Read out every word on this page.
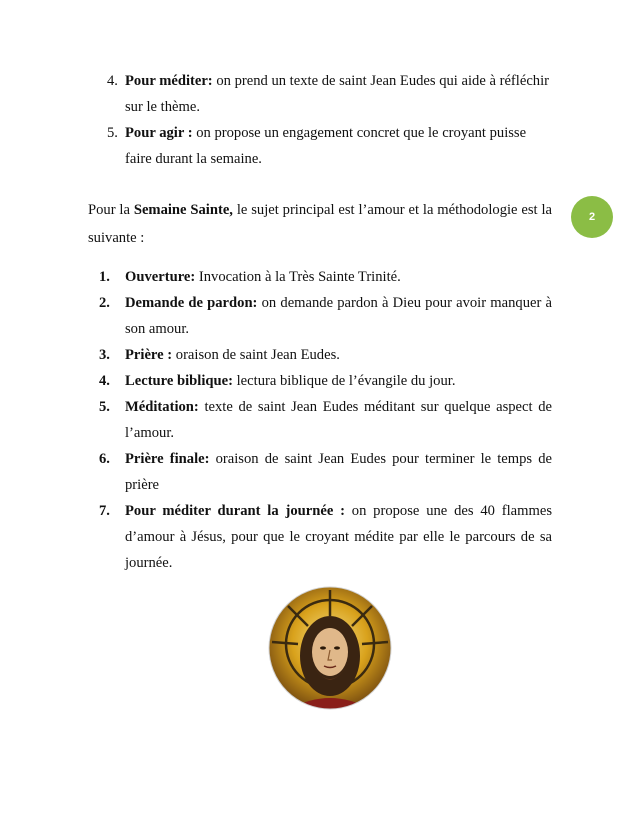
4. Pour méditer: on prend un texte de saint Jean Eudes qui aide à réfléchir sur le thème.
5. Pour agir : on propose un engagement concret que le croyant puisse faire durant la semaine.

Pour la Semaine Sainte, le sujet principal est l’amour et la méthodologie est la suivante :

1. Ouverture: Invocation à la Très Sainte Trinité.
2. Demande de pardon: on demande pardon à Dieu pour avoir manquer à son amour.
3. Prière : oraison de saint Jean Eudes.
4. Lecture biblique: lectura biblique de l’évangile du jour.
5. Méditation: texte de saint Jean Eudes méditant sur quelque aspect de l’amour.
6. Prière finale: oraison de saint Jean Eudes pour terminer le temps de prière
7. Pour méditer durant la journée : on propose une des 40 flammes d’amour à Jésus, pour que le croyant médite par elle le parcours de sa journée.
2
